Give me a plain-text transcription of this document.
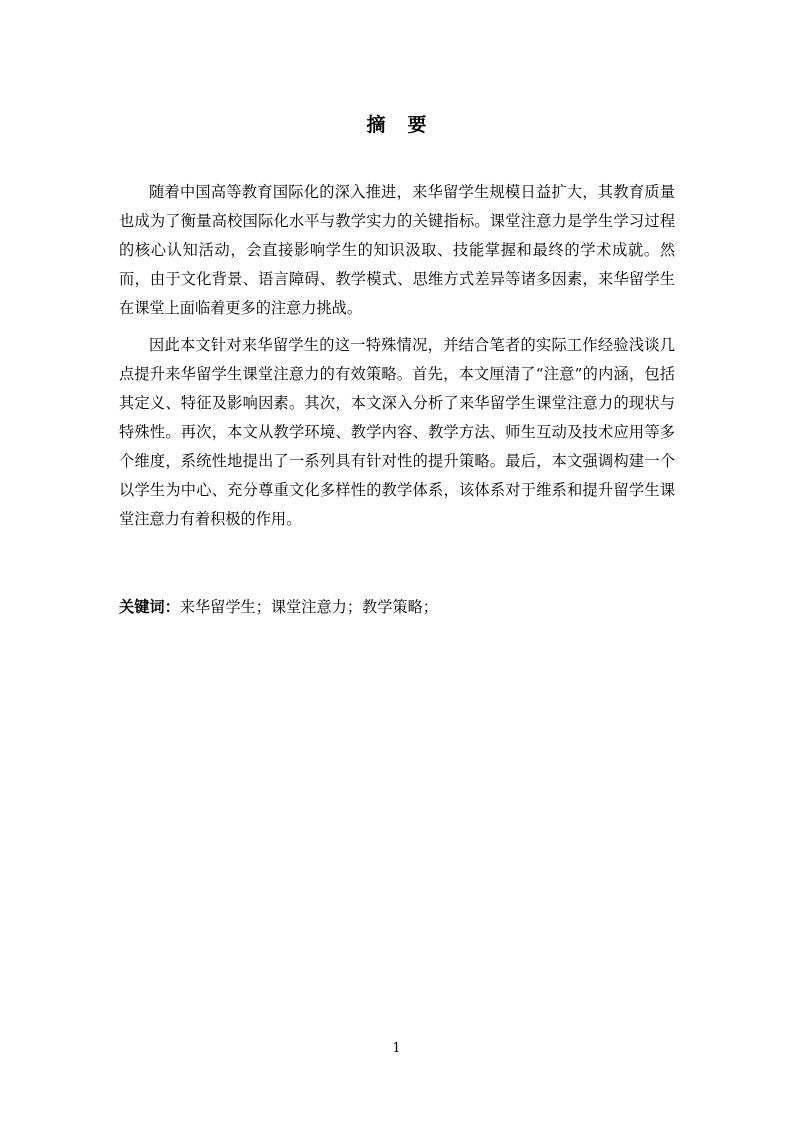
摘要

随着中国高等教育国际化的深入推进，来华留学生规模日益扩大，其教育质量也成为了衡量高校国际化水平与教学实力的关键指标。课堂注意力是学生学习过程的核心认知活动，会直接影响学生的知识汲取、技能掌握和最终的学术成就。然而，由于文化背景、语言障碍、教学模式、思维方式差异等诸多因素，来华留学生在课堂上面临着更多的注意力挑战。

因此本文针对来华留学生的这一特殊情况，并结合笔者的实际工作经验浅谈几点提升来华留学生课堂注意力的有效策略。首先，本文厘清了“注意”的内涵，包括其定义、特征及影响因素。其次，本文深入分析了来华留学生课堂注意力的现状与特殊性。再次，本文从教学环境、教学内容、教学方法、师生互动及技术应用等多个维度，系统性地提出了一系列具有针对性的提升策略。最后，本文强调构建一个以学生为中心、充分尊重文化多样性的教学体系，该体系对于维系和提升留学生课堂注意力有着积极的作用。

关键词：来华留学生；课堂注意力；教学策略；

1
